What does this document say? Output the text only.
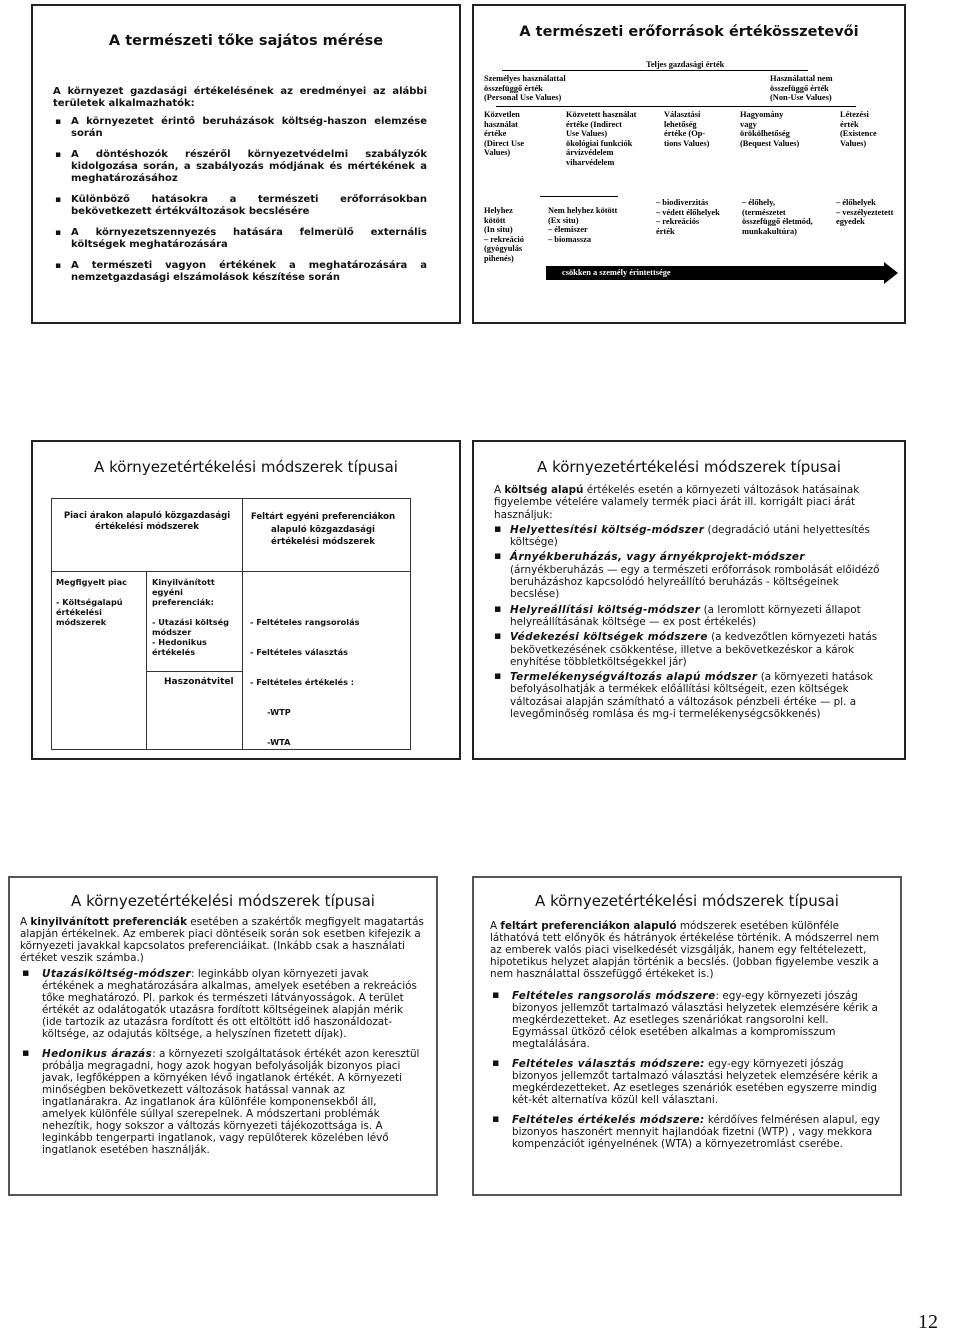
A természeti tőke sajátos mérése
A környezet gazdasági értékelésének az eredményei az alábbi területek alkalmazhatók:
▪ A környezetet érintő beruházások költség-haszon elemzése során
▪ A döntéshozók részéről környezetvédelmi szabályzók kidolgozása során, a szabályozás módjának és mértékének a meghatározásához
▪ Különböző hatásokra a természeti erőforrásokban bekövetkezett értékváltozások becslésére
▪ A környezetszennyezés hatására felmerülő externális költségek meghatározására
▪ A természeti vagyon értékének a meghatározására a nemzetgazdasági elszámolások készítése során
A természeti erőforrások értékösszetevői
Teljes gazdasági érték
Személyes használattal
összefüggő érték
(Personal Use Values)
Használattal nem
összefüggő érték
(Non-Use Values)
Közvetlen
használat
értéke
(Direct Use
Values)
Közvetett használat
értéke (Indirect
Use Values)
ökológiai funkciók
árvízvédelem
viharvédelem
Választási
lehetőség
értéke (Op-
tions Values)
Hagyomány
vagy
örökölhetőség
(Bequest Values)
Létezési
érték
(Existence
Values)
Helyhez
kötött
(In situ)
– rekreáció
(gyógyulás
pihenés)
Nem helyhez kötött
(Ex situ)
– élemiszer
– biomassza
– biodiverzitás
– védett élőhelyek
– rekreációs
érték
– élőhely,
(természetet
összefüggő életmód,
munkakultúra)
– élőhelyek
– veszélyeztetett
egyedek
csökken a személy érintettsége
A környezetértékelési módszerek típusai
Piaci árakon alapuló közgazdasági értékelési módszerek
Feltárt egyéni preferenciákon alapuló közgazdasági értékelési módszerek
Megfigyelt piac
- Költségalapú
értékelési
módszerek
Kinyilvánított
egyéni
preferenciák:
- Utazási költség
módszer
- Hedonikus
értékelés

- Feltételes rangsorolás

- Feltételes választás

- Feltételes értékelés :

-WTP

-WTA

Haszonátvitel
A környezetértékelési módszerek típusai
A költség alapú értékelés esetén a környezeti változások hatásainak figyelembe vételére valamely termék piaci árát ill. korrigált piaci árát használjuk:
▪ Helyettesítési költség-módszer (degradáció utáni helyettesítés költsége)
▪ Árnyékberuházás, vagy árnyékprojekt-módszer (árnyékberuházás — egy a természeti erőforrások rombolását előidéző beruházáshoz kapcsolódó helyreállító beruházás - költségeinek becslése)
▪ Helyreállítási költség-módszer (a leromlott környezeti állapot helyreállításának költsége — ex post értékelés)
▪ Védekezési költségek módszere (a kedvezőtlen környezeti hatás bekövetkezésének csökkentése, illetve a bekövetkezéskor a károk enyhítése többletköltségekkel jár)
▪ Termelékenységváltozás alapú módszer (a környezeti hatások befolyásolhatják a termékek előállítási költségeit, ezen költségek változásai alapján számítható a változások pénzbeli értéke — pl. a levegőminőség romlása és mg-i termelékenységcsökkenés)
A környezetértékelési módszerek típusai
A kinyilvánított preferenciák esetében a szakértők megfigyelt magatartás alapján értékelnek. Az emberek piaci döntéseik során sok esetben kifejezik a környezeti javakkal kapcsolatos preferenciáikat. (Inkább csak a használati értéket veszik számba.)
▪ Utazásiköltség-módszer: leginkább olyan környezeti javak értékének a meghatározására alkalmas, amelyek esetében a rekreációs tőke meghatározó. Pl. parkok és természeti látványosságok. A terület értékét az odalátogatók utazásra fordított költségeinek alapján mérik (ide tartozik az utazásra fordított és ott eltöltött idő haszonáldozat-költsége, az odajutás költsége, a helyszínen fizetett díjak).
▪ Hedonikus árazás: a környezeti szolgáltatások értékét azon keresztül próbálja megragadni, hogy azok hogyan befolyásolják bizonyos piaci javak, legfőképpen a környéken lévő ingatlanok értékét. A környezeti minőségben bekövetkezett változások hatással vannak az ingatlanárakra. Az ingatlanok ára különféle komponensekből áll, amelyek különféle súllyal szerepelnek. A módszertani problémák nehezítik, hogy sokszor a változás környezeti tájékozottsága is. A leginkább tengerparti ingatlanok, vagy repülőterek közelében lévő ingatlanok esetében használják.
A környezetértékelési módszerek típusai
A feltárt preferenciákon alapuló módszerek esetében különféle láthatóvá tett előnyök és hátrányok értékelése történik. A módszerrel nem az emberek valós piaci viselkedését vizsgálják, hanem egy feltételezett, hipotetikus helyzet alapján történik a becslés. (Jobban figyelembe veszik a nem használattal összefüggő értékeket is.)
▪ Feltételes rangsorolás módszere: egy-egy környezeti jószág bizonyos jellemzőt tartalmazó választási helyzetek elemzésére kérik a megkérdezetteket. Az esetleges szenáriókat rangsorolni kell. Egymással ütköző célok esetében alkalmas a kompromisszum megtalálására.
▪ Feltételes választás módszere: egy-egy környezeti jószág bizonyos jellemzőt tartalmazó választási helyzetek elemzésére kérik a megkérdezetteket. Az esetleges szenáriók esetében egyszerre mindig két-két alternatíva közül kell választani.
▪ Feltételes értékelés módszere: kérdőíves felmérésen alapul, egy bizonyos haszonért mennyit hajlandóak fizetni (WTP) , vagy mekkora kompenzációt igényelnének (WTA) a környezetromlást cserébe.
12
